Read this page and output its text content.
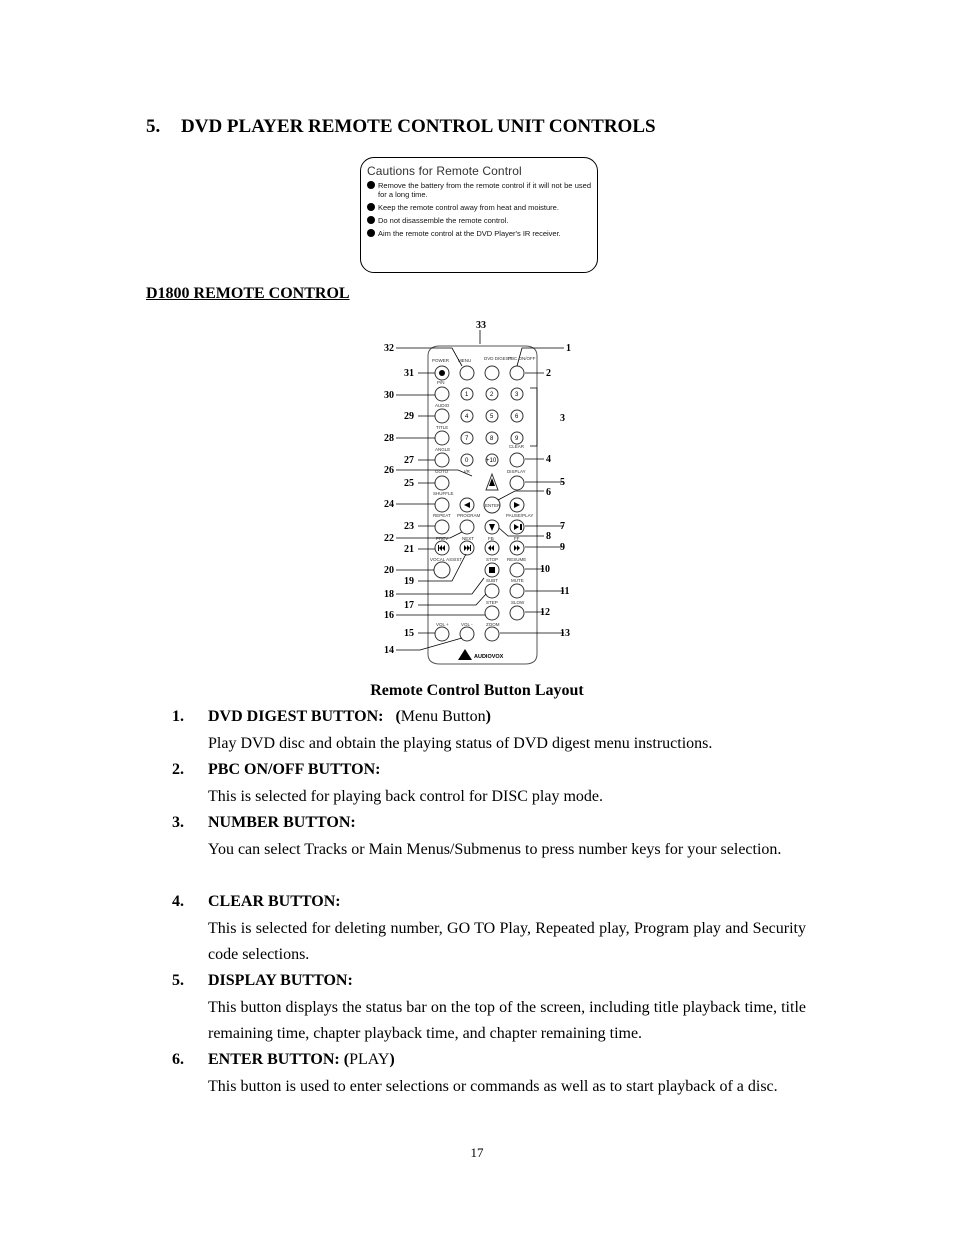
5. DVD PLAYER REMOTE CONTROL UNIT CONTROLS
Cautions for Remote Control
Remove the battery from the remote control if it will not be used for a long time.
Keep the remote control away from heat and moisture.
Do not disassemble the remote control.
Aim the remote control at the DVD Player's IR receiver.
D1800 REMOTE CONTROL
POWER MENU	DVD DIGEST
PBC ON/OFF
P/N
AUDIO
TITLE
ANGLE
1	2	3
4	5	6
7	8	9
0	+10
CLEAR
GOTO	I/R	DISPLAY
SHUFFLE
ENTER
REPEAT PROGRAM	PAUSE/PLAY
PREV	NEXT	FB	FF
VOCAL ASSIST	STOP RESUME
SUBT	MUTE
STEP	SLOW
VOL +	VOL -	ZOOM
AUDIOVOX
33
32	1
31	2
30
29	3
28
27	4
26
25	5
6
24
23	7
22	8
21	9
20	10
19
18	11
17
16	12
15	13
14
Remote Control Button Layout
1. DVD DIGEST BUTTON:   (Menu Button)
Play DVD disc and obtain the playing status of DVD digest menu instructions.
2. PBC ON/OFF BUTTON:
This is selected for playing back control for DISC play mode.
3. NUMBER BUTTON:
You can select Tracks or Main Menus/Submenus to press number keys for your selection.
4. CLEAR BUTTON:
This is selected for deleting number, GO TO Play, Repeated play, Program play and Security code selections.
5. DISPLAY BUTTON:
This button displays the status bar on the top of the screen, including title playback time, title remaining time, chapter playback time, and chapter remaining time.
6. ENTER BUTTON: (PLAY)
This button is used to enter selections or commands as well as to start playback of a disc.
17
